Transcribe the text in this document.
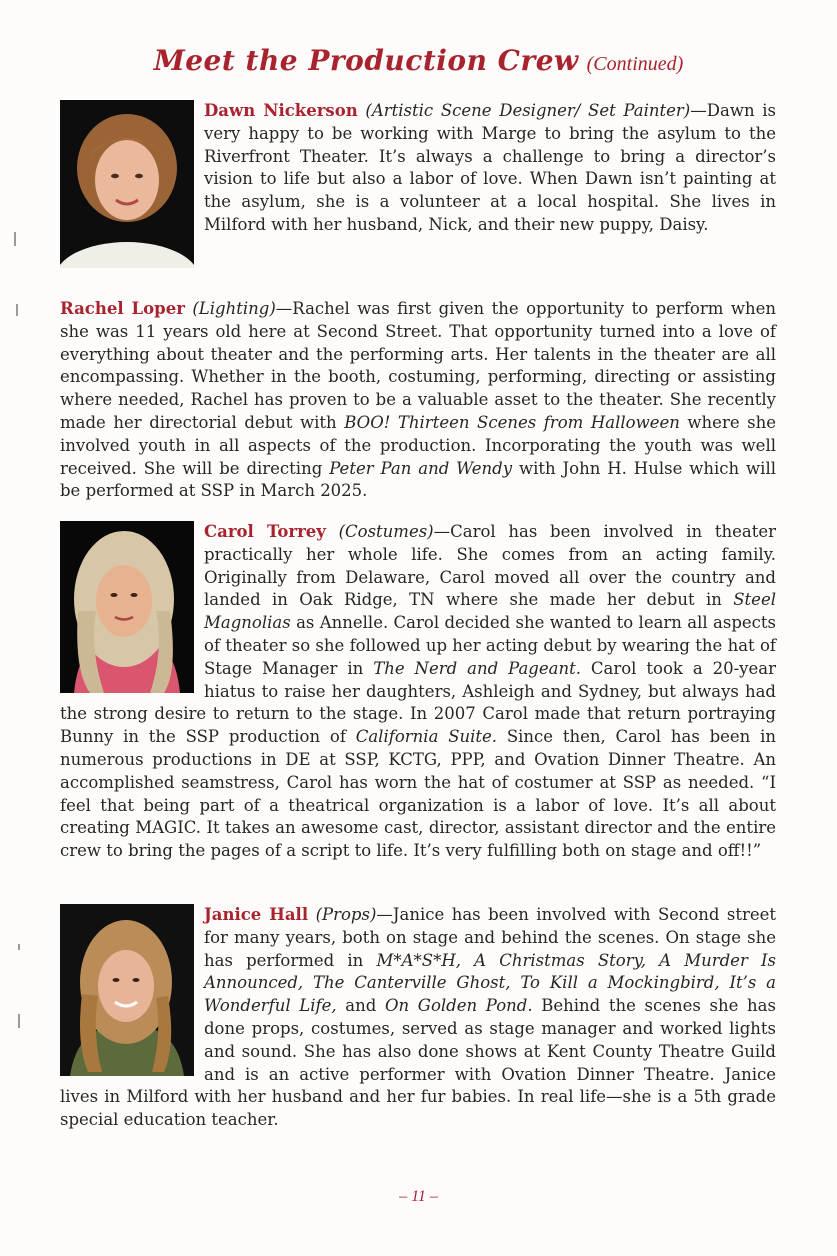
Meet the Production Crew (Continued)

Dawn Nickerson (Artistic Scene Designer/ Set Painter)—Dawn is very happy to be working with Marge to bring the asylum to the Riverfront Theater. It’s always a challenge to bring a director’s vision to life but also a labor of love. When Dawn isn’t painting at the asylum, she is a volunteer at a local hospital. She lives in Milford with her husband, Nick, and their new puppy, Daisy.

Rachel Loper (Lighting)—Rachel was first given the opportunity to perform when she was 11 years old here at Second Street. That opportunity turned into a love of everything about theater and the performing arts. Her talents in the theater are all encompassing. Whether in the booth, costuming, performing, directing or assisting where needed, Rachel has proven to be a valuable asset to the theater. She recently made her directorial debut with BOO! Thirteen Scenes from Halloween where she involved youth in all aspects of the production. Incorporating the youth was well received. She will be directing Peter Pan and Wendy with John H. Hulse which will be performed at SSP in March 2025.

Carol Torrey (Costumes)—Carol has been involved in theater practically her whole life. She comes from an acting family. Originally from Delaware, Carol moved all over the country and landed in Oak Ridge, TN where she made her debut in Steel Magnolias as Annelle. Carol decided she wanted to learn all aspects of theater so she followed up her acting debut by wearing the hat of Stage Manager in The Nerd and Pageant. Carol took a 20-year hiatus to raise her daughters, Ashleigh and Sydney, but always had the strong desire to return to the stage. In 2007 Carol made that return portraying Bunny in the SSP production of California Suite. Since then, Carol has been in numerous productions in DE at SSP, KCTG, PPP, and Ovation Dinner Theatre. An accomplished seamstress, Carol has worn the hat of costumer at SSP as needed. “I feel that being part of a theatrical organization is a labor of love. It’s all about creating MAGIC. It takes an awesome cast, director, assistant director and the entire crew to bring the pages of a script to life. It’s very fulfilling both on stage and off!!”

Janice Hall (Props)—Janice has been involved with Second street for many years, both on stage and behind the scenes. On stage she has performed in M*A*S*H, A Christmas Story, A Murder Is Announced, The Canterville Ghost, To Kill a Mockingbird, It’s a Wonderful Life, and On Golden Pond. Behind the scenes she has done props, costumes, served as stage manager and worked lights and sound. She has also done shows at Kent County Theatre Guild and is an active performer with Ovation Dinner Theatre. Janice lives in Milford with her husband and her fur babies. In real life—she is a 5th grade special education teacher.

– 11 –
